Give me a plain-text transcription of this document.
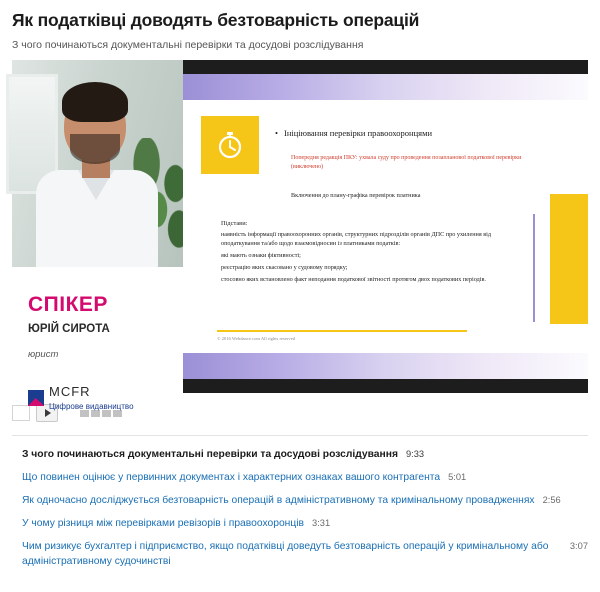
Як податківці доводять безтоварність операцій
З чого починаються документальні перевірки та досудові розслідування
СПІКЕР
ЮРІЙ СИРОТА
юрист
MCFR
Цифрове видавництво
• Ініціювання перевірки правоохоронцями
Попередня редакція ПКУ: ухвала суду про проведення позапланової податкової перевірки (виключено)
Включення до плану-графіка перевірок платника
Підстави:

наявність інформації правоохоронних органів, структурних підрозділів органів ДПС про ухилення від оподаткування та/або щодо взаємовідносин із платниками податків:

які мають ознаки фіктивності;

реєстрацію яких скасовано у судовому порядку;

стосовно яких встановлено факт неподання податкової звітності протягом двох податкових періодів.

© 2016 Webdance.com All rights reserved
З чого починаються документальні перевірки та досудові розслідування 9:33
Що повинен оцінює у первинних документах і характерних ознаках вашого контрагента 5:01
Як одночасно досліджується безтоварність операцій в адміністративному та кримінальному провадженнях 2:56
У чому різниця між перевірками ревізорів і правоохоронців 3:31
Чим ризикує бухгалтер і підприємство, якщо податківці доведуть безтоварність операцій у кримінальному або адміністративному судочинстві
3:07
